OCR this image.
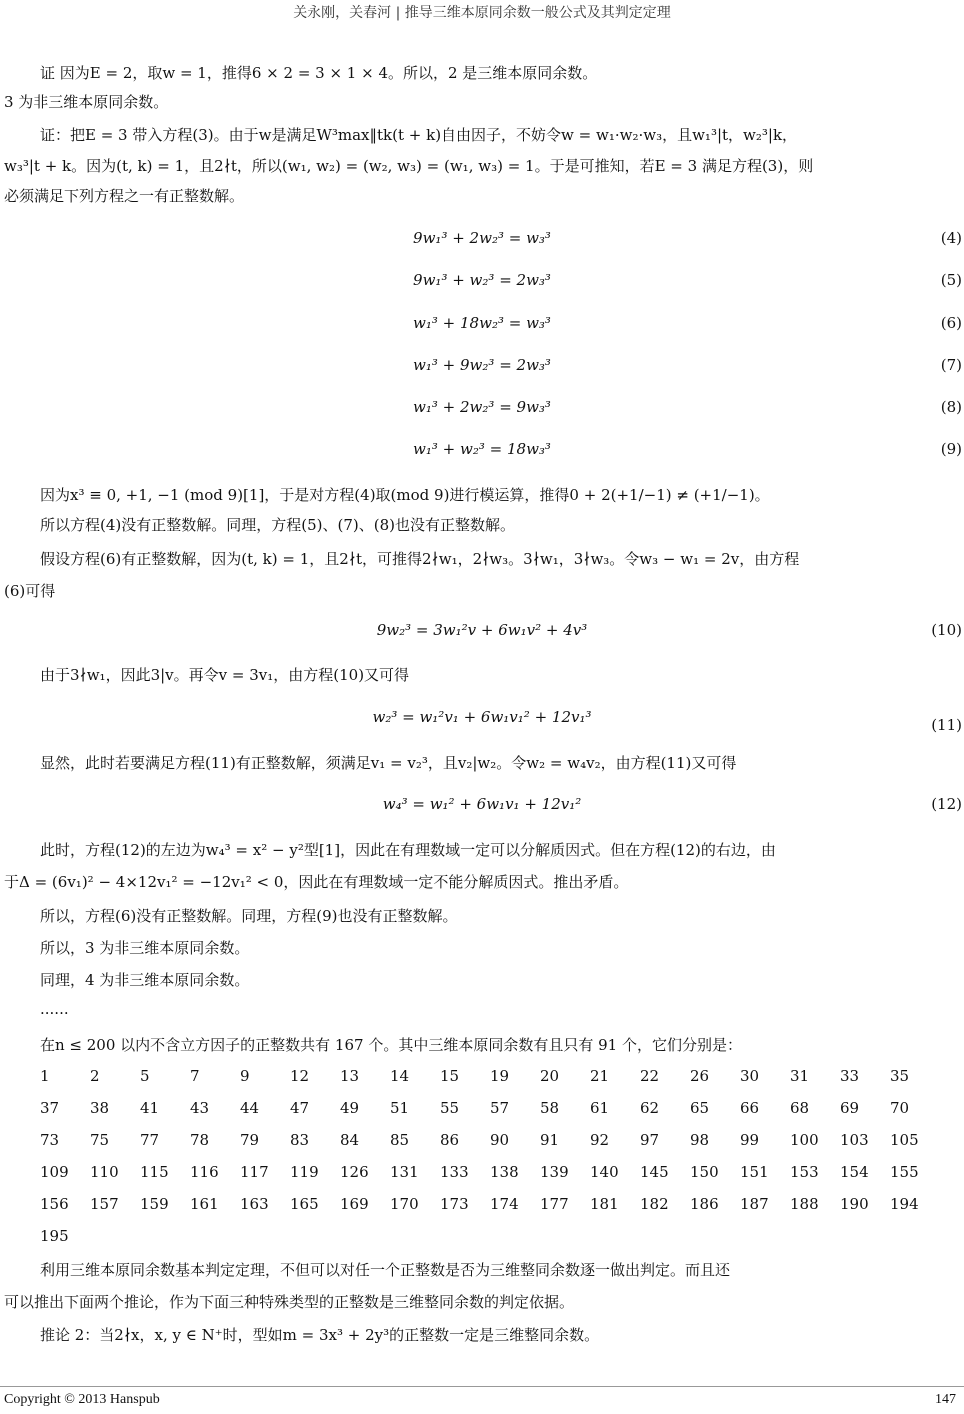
关永刚，关春河 | 推导三维本原同余数一般公式及其判定定理
证 因为E = 2，取w = 1，推得6 × 2 = 3 × 1 × 4。所以，2 是三维本原同余数。
3 为非三维本原同余数。
证：把E = 3 带入方程(3)。由于w是满足W³max‖tk(t + k)自由因子，不妨令w = w₁·w₂·w₃，且w₁³|t，w₂³|k，
w₃³|t + k。因为(t, k) = 1，且2∤t，所以(w₁, w₂) = (w₂, w₃) = (w₁, w₃) = 1。于是可推知，若E = 3 满足方程(3)，则
必须满足下列方程之一有正整数解。
9w₁³ + 2w₂³ = w₃³	(4)
9w₁³ + w₂³ = 2w₃³	(5)
w₁³ + 18w₂³ = w₃³	(6)
w₁³ + 9w₂³ = 2w₃³	(7)
w₁³ + 2w₂³ = 9w₃³	(8)
w₁³ + w₂³ = 18w₃³	(9)
因为x³ ≡ 0, +1, −1 (mod 9)[1]，于是对方程(4)取(mod 9)进行模运算，推得0 + 2(+1/−1) ≠ (+1/−1)。
所以方程(4)没有正整数解。同理，方程(5)、(7)、(8)也没有正整数解。
假设方程(6)有正整数解，因为(t, k) = 1，且2∤t，可推得2∤w₁，2∤w₃。3∤w₁，3∤w₃。令w₃ − w₁ = 2v，由方程
(6)可得
9w₂³ = 3w₁²v + 6w₁v² + 4v³	(10)
由于3∤w₁，因此3|v。再令v = 3v₁，由方程(10)又可得
w₂³ = w₁²v₁ + 6w₁v₁² + 12v₁³	(11)
显然，此时若要满足方程(11)有正整数解，须满足v₁ = v₂³，且v₂|w₂。令w₂ = w₄v₂，由方程(11)又可得
w₄³ = w₁² + 6w₁v₁ + 12v₁²	(12)
此时，方程(12)的左边为w₄³ = x² − y²型[1]，因此在有理数域一定可以分解质因式。但在方程(12)的右边，由
于Δ = (6v₁)² − 4×12v₁² = −12v₁² < 0，因此在有理数域一定不能分解质因式。推出矛盾。
所以，方程(6)没有正整数解。同理，方程(9)也没有正整数解。
所以，3 为非三维本原同余数。
同理，4 为非三维本原同余数。
......
在n ≤ 200 以内不含立方因子的正整数共有 167 个。其中三维本原同余数有且只有 91 个，它们分别是：
1	2	5	7	9	12	13	14	15	19	20	21	22	26	30	31	33	35
37	38	41	43	44	47	49	51	55	57	58	61	62	65	66	68	69	70
73	75	77	78	79	83	84	85	86	90	91	92	97	98	99	100	103	105
109	110	115	116	117	119	126	131	133	138	139	140	145	150	151	153	154	155
156	157	159	161	163	165	169	170	173	174	177	181	182	186	187	188	190	194
195
利用三维本原同余数基本判定定理，不但可以对任一个正整数是否为三维整同余数逐一做出判定。而且还
可以推出下面两个推论，作为下面三种特殊类型的正整数是三维整同余数的判定依据。
推论 2：当2∤x，x, y ∈ N⁺时，型如m = 3x³ + 2y³的正整数一定是三维整同余数。
Copyright © 2013 Hanspub	147
